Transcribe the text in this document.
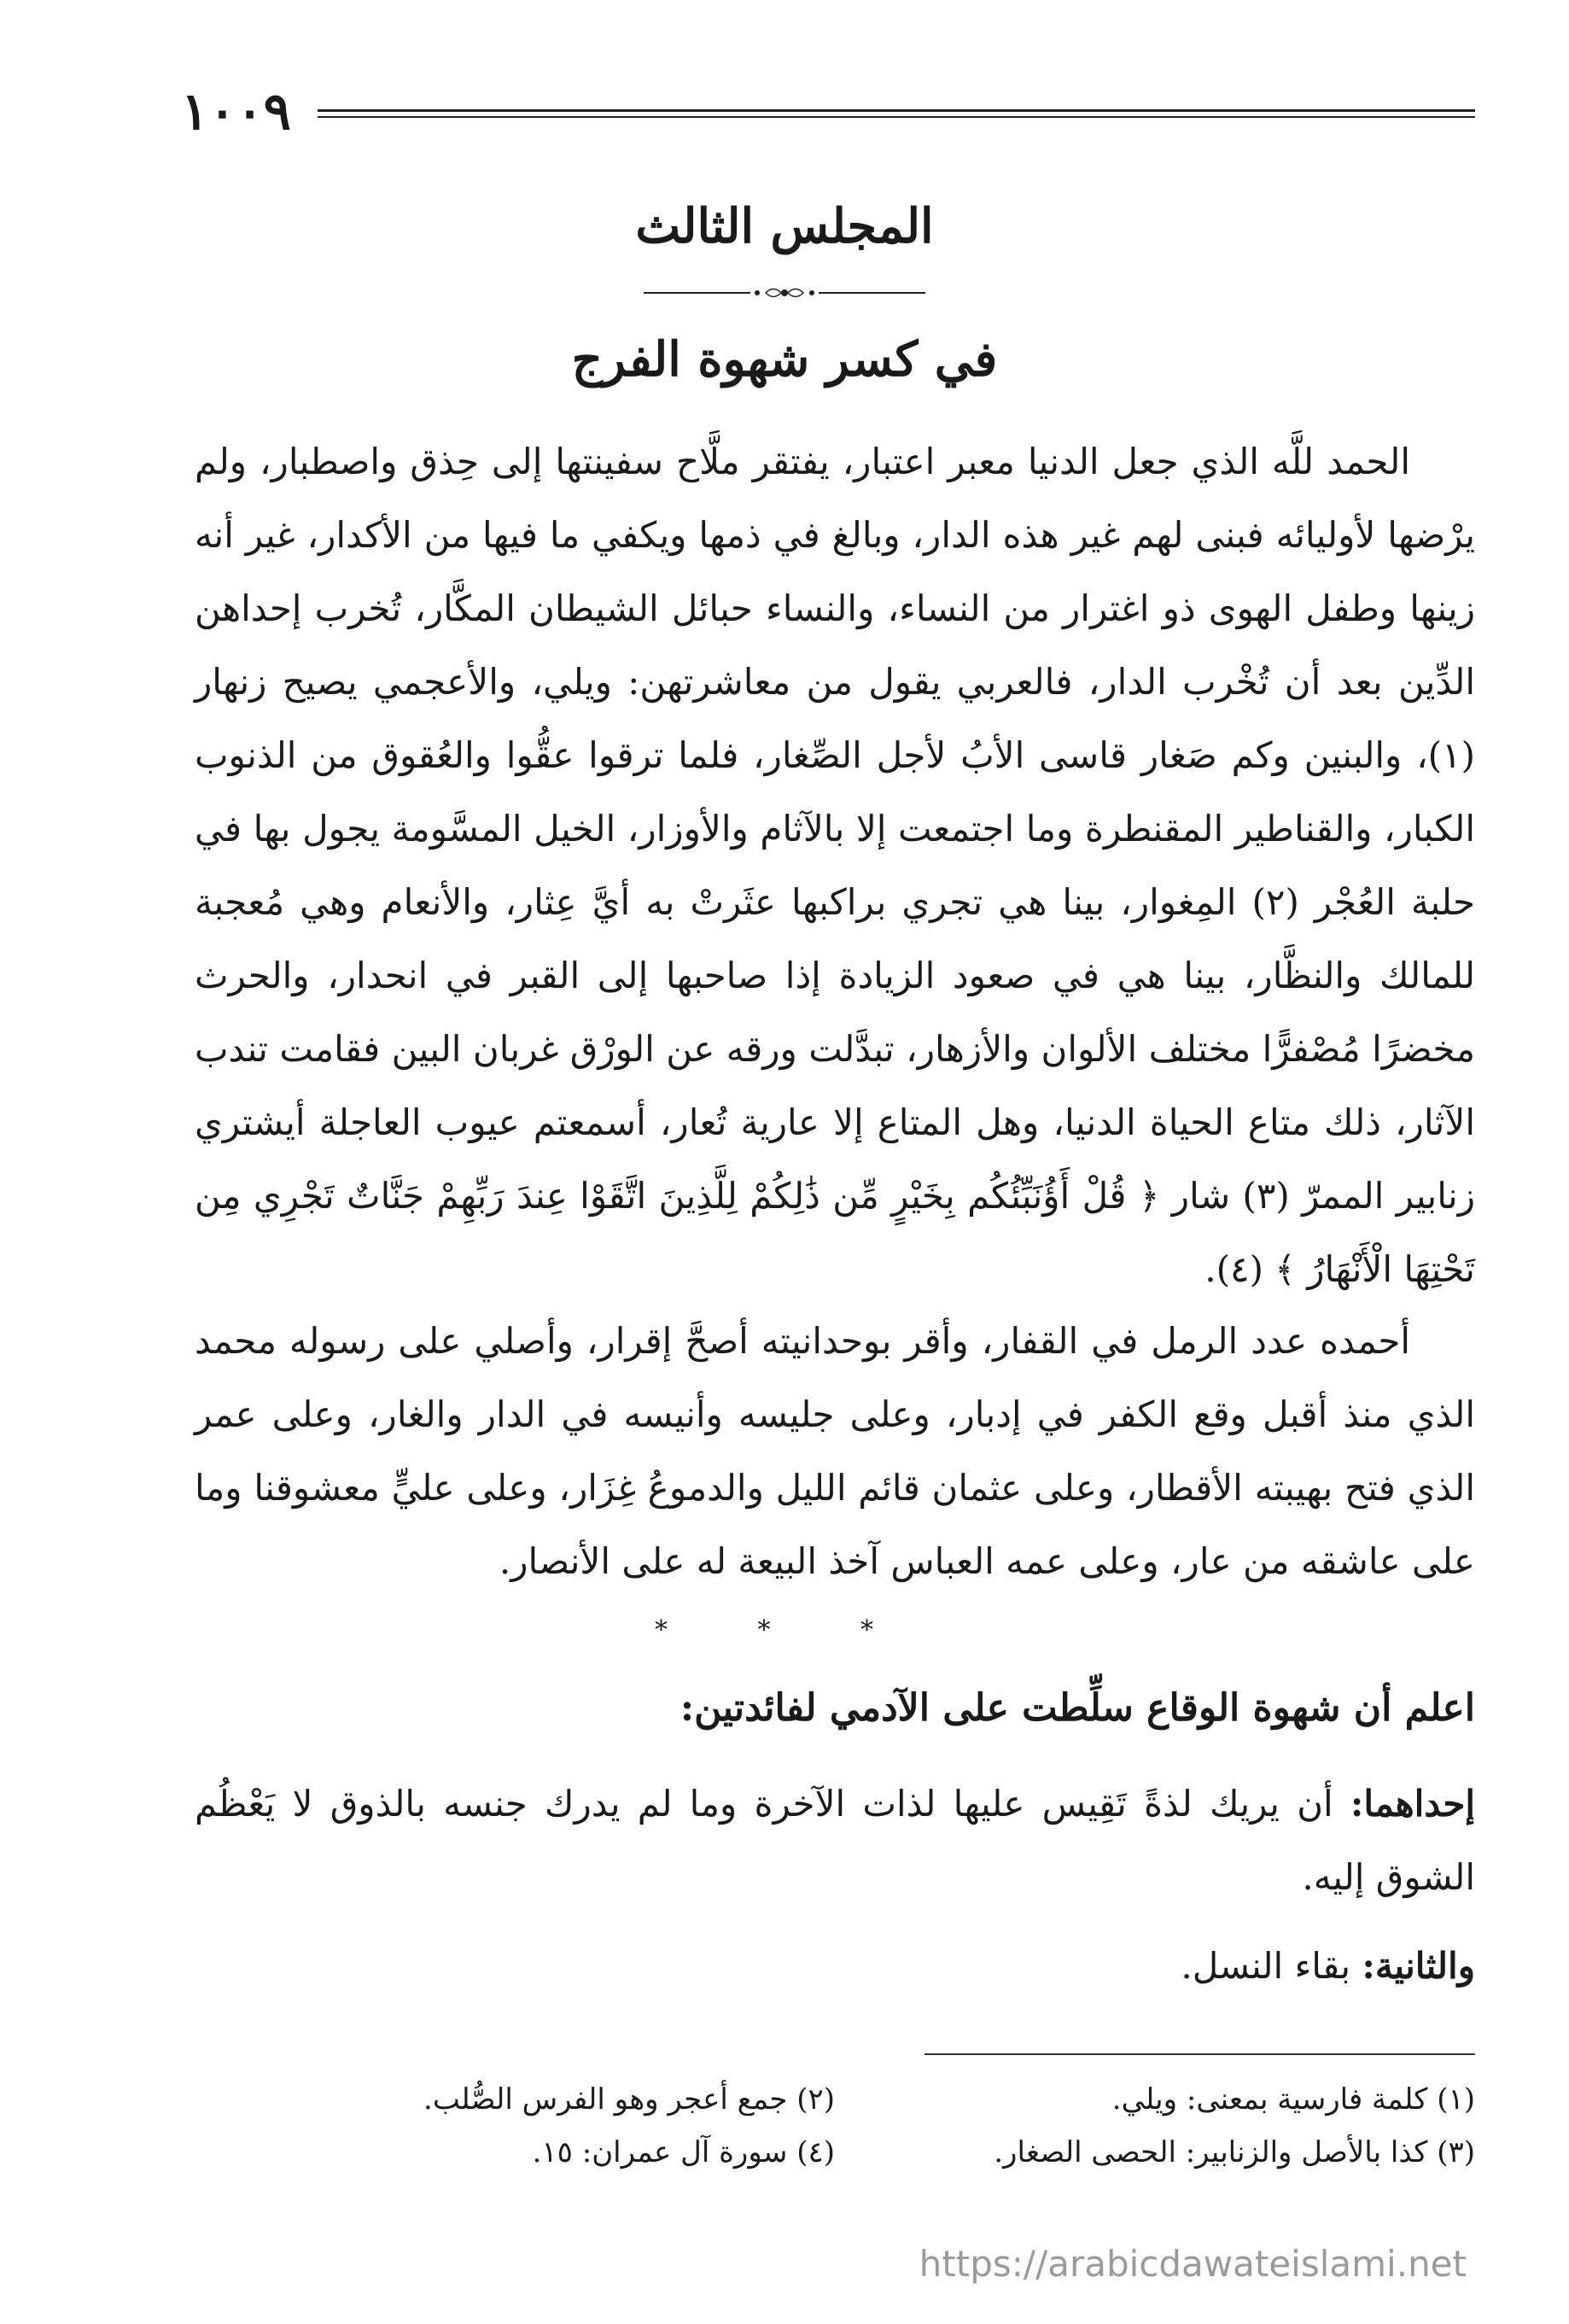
١٠٠٩
المجلس الثالث
في كسر شهوة الفرج

الحمد للَّه الذي جعل الدنيا معبر اعتبار، يفتقر ملَّاح سفينتها إلى حِذق واصطبار، ولم يرْضها لأوليائه فبنى لهم غير هذه الدار، وبالغ في ذمها ويكفي ما فيها من الأكدار، غير أنه زينها وطفل الهوى ذو اغترار من النساء، والنساء حبائل الشيطان المكَّار، تُخرب إحداهن الدِّين بعد أن تُخْرب الدار، فالعربي يقول من معاشرتهن: ويلي، والأعجمي يصيح زنهار (١)، والبنين وكم صَغار قاسى الأبُ لأجل الصِّغار، فلما ترقوا عقُّوا والعُقوق من الذنوب الكبار، والقناطير المقنطرة وما اجتمعت إلا بالآثام والأوزار، الخيل المسَّومة يجول بها في حلبة العُجْر (٢) المِغوار، بينا هي تجري براكبها عثَرتْ به أيَّ عِثار، والأنعام وهي مُعجبة للمالك والنظَّار، بينا هي في صعود الزيادة إذا صاحبها إلى القبر في انحدار، والحرث مخضرًا مُصْفرًّا مختلف الألوان والأزهار، تبدَّلت ورقه عن الورْق غربان البين فقامت تندب الآثار، ذلك متاع الحياة الدنيا، وهل المتاع إلا عارية تُعار، أسمعتم عيوب العاجلة أيشتري زنابير الممرّ (٣) شار ﴿ قُلْ أَؤُنَبِّئُكُم بِخَيْرٍ مِّن ذَٰلِكُمْ لِلَّذِينَ اتَّقَوْا عِندَ رَبِّهِمْ جَنَّاتٌ تَجْرِي مِن تَحْتِهَا الْأَنْهَارُ ﴾ (٤).

أحمده عدد الرمل في القفار، وأقر بوحدانيته أصحَّ إقرار، وأصلي على رسوله محمد الذي منذ أقبل وقع الكفر في إدبار، وعلى جليسه وأنيسه في الدار والغار، وعلى عمر الذي فتح بهيبته الأقطار، وعلى عثمان قائم الليل والدموعُ غِزَار، وعلى عليٍّ معشوقنا وما على عاشقه من عار، وعلى عمه العباس آخذ البيعة له على الأنصار.

* * *
اعلم أن شهوة الوقاع سلِّطت على الآدمي لفائدتين:
إحداهما: أن يريك لذةً تَقِيس عليها لذات الآخرة وما لم يدرك جنسه بالذوق لا يَعْظُم الشوق إليه.
والثانية: بقاء النسل.
(١) كلمة فارسية بمعنى: ويلي.
(٢) جمع أعجر وهو الفرس الصُّلب.
(٣) كذا بالأصل والزنابير: الحصى الصغار.
(٤) سورة آل عمران: ١٥.
https://arabicdawateislami.net
